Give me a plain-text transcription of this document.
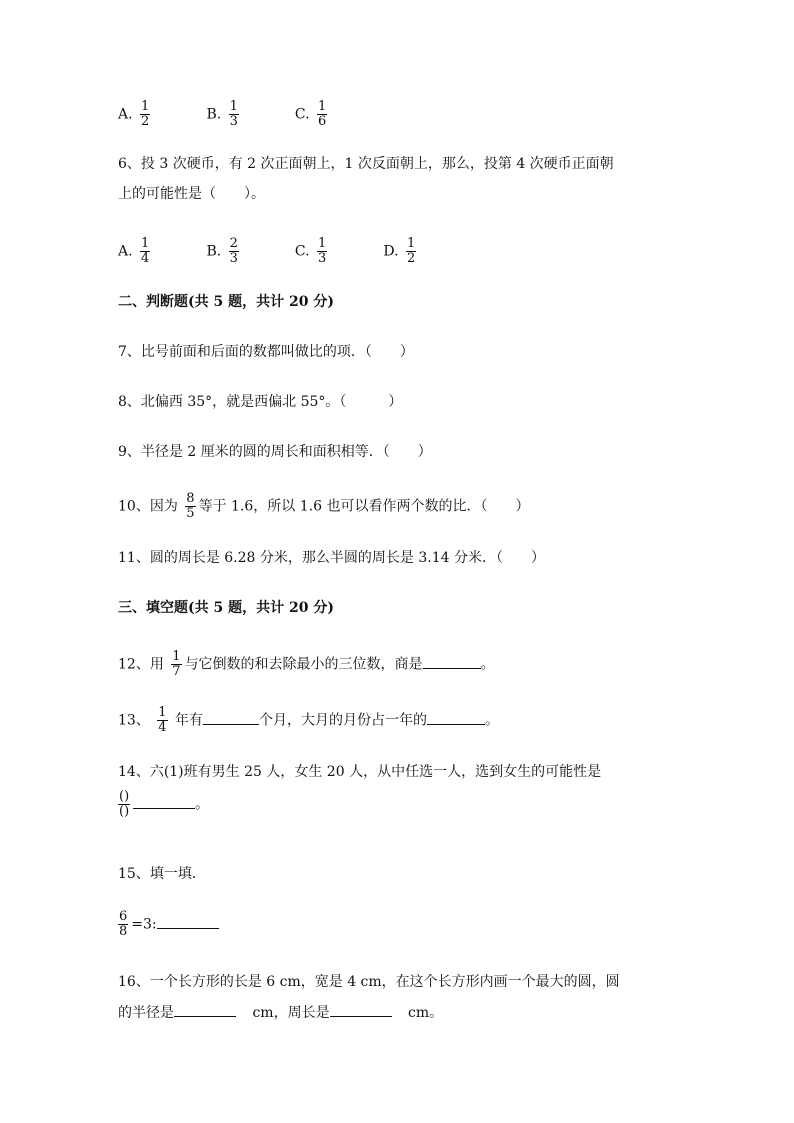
A. $\frac{1}{2}$	B. $\frac{1}{3}$	C. $\frac{1}{6}$
6、投 3 次硬币，有 2 次正面朝上，1 次反面朝上，那么，投第 4 次硬币正面朝
上的可能性是（　　）。
A. $\frac{1}{4}$	B. $\frac{2}{3}$	C. $\frac{1}{3}$	D. $\frac{1}{2}$
二、判断题(共 5 题，共计 20 分)
7、比号前面和后面的数都叫做比的项．（　　）
8、北偏西 35°，就是西偏北 55°。（　　　）
9、半径是 2 厘米的圆的周长和面积相等．（　　）
10、因为 $\frac{8}{5}$ 等于 1.6，所以 1.6 也可以看作两个数的比．（　　）
11、圆的周长是 6.28 分米，那么半圆的周长是 3.14 分米．（　　）
三、填空题(共 5 题，共计 20 分)
12、用 $\frac{1}{7}$ 与它倒数的和去除最小的三位数，商是	。
13、 $\frac{1}{4}$ 年有	个月，大月的月份占一年的	。
14、六(1)班有男生 25 人，女生 20 人，从中任选一人，选到女生的可能性是
$\frac{()}{()}$	。
15、填一填．
$\frac{6}{8} =3$:
16、一个长方形的长是 6 cm，宽是 4 cm，在这个长方形内画一个最大的圆，圆
的半径是	cm，周长是	cm。
